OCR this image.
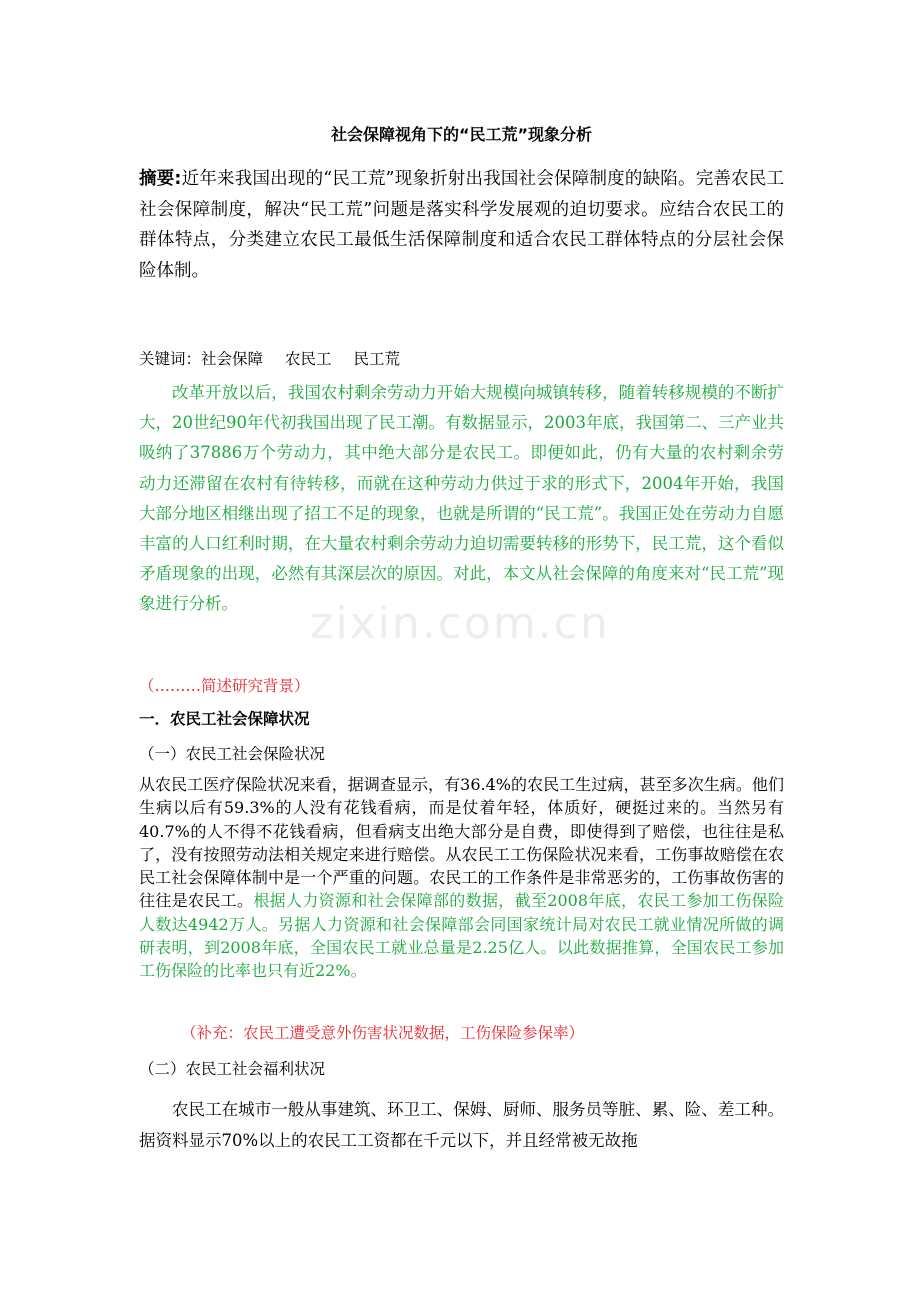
社会保障视角下的“民工荒”现象分析

摘要:近年来我国出现的“民工荒”现象折射出我国社会保障制度的缺陷。完善农民工社会保障制度，解决“民工荒”问题是落实科学发展观的迫切要求。应结合农民工的群体特点，分类建立农民工最低生活保障制度和适合农民工群体特点的分层社会保险体制。

关键词：社会保障 农民工 民工荒

改革开放以后，我国农村剩余劳动力开始大规模向城镇转移，随着转移规模的不断扩大，20世纪90年代初我国出现了民工潮。有数据显示，2003年底，我国第二、三产业共吸纳了37886万个劳动力，其中绝大部分是农民工。即便如此，仍有大量的农村剩余劳动力还滞留在农村有待转移，而就在这种劳动力供过于求的形式下，2004年开始，我国大部分地区相继出现了招工不足的现象，也就是所谓的“民工荒”。我国正处在劳动力自愿丰富的人口红利时期，在大量农村剩余劳动力迫切需要转移的形势下，民工荒，这个看似矛盾现象的出现，必然有其深层次的原因。对此，本文从社会保障的角度来对“民工荒”现象进行分析。

（………简述研究背景）

一．农民工社会保障状况

（一）农民工社会保险状况

从农民工医疗保险状况来看，据调查显示，有36.4%的农民工生过病，甚至多次生病。他们生病以后有59.3%的人没有花钱看病，而是仗着年轻，体质好，硬挺过来的。当然另有40.7%的人不得不花钱看病，但看病支出绝大部分是自费，即使得到了赔偿，也往往是私了，没有按照劳动法相关规定来进行赔偿。从农民工工伤保险状况来看，工伤事故赔偿在农民工社会保障体制中是一个严重的问题。农民工的工作条件是非常恶劣的，工伤事故伤害的往往是农民工。根据人力资源和社会保障部的数据，截至2008年底，农民工参加工伤保险人数达4942万人。另据人力资源和社会保障部会同国家统计局对农民工就业情况所做的调研表明，到2008年底，全国农民工就业总量是2.25亿人。以此数据推算，全国农民工参加工伤保险的比率也只有近22%。

（补充：农民工遭受意外伤害状况数据，工伤保险参保率）

（二）农民工社会福利状况

农民工在城市一般从事建筑、环卫工、保姆、厨师、服务员等脏、累、险、差工种。据资料显示70%以上的农民工工资都在千元以下，并且经常被无故拖

zixin.com.cn
